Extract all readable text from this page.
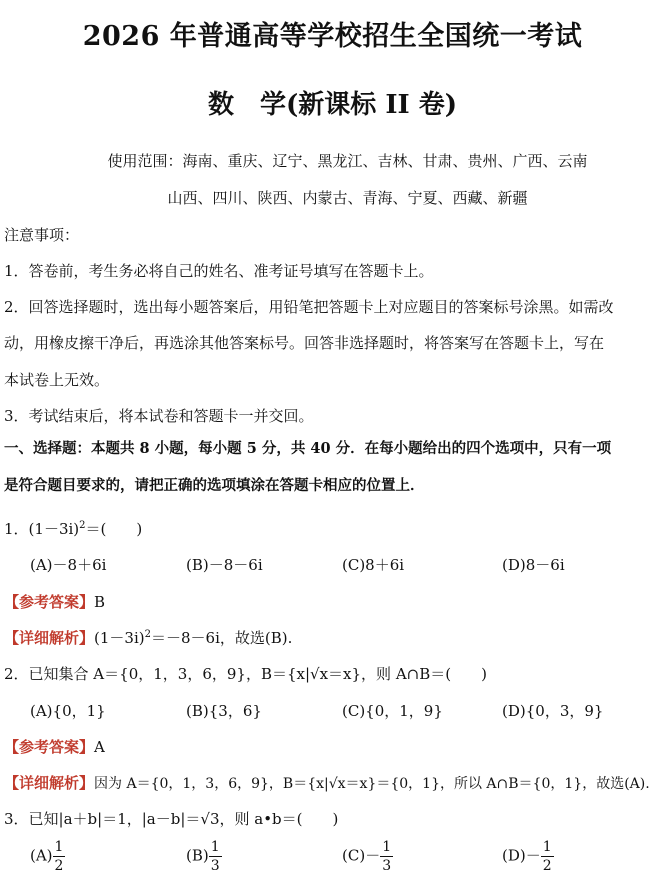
2026 年普通高等学校招生全国统一考试
数　学(新课标 II 卷)
使用范围：海南、重庆、辽宁、黑龙江、吉林、甘肃、贵州、广西、云南
山西、四川、陕西、内蒙古、青海、宁夏、西藏、新疆
注意事项：
1．答卷前，考生务必将自己的姓名、准考证号填写在答题卡上。
2．回答选择题时，选出每小题答案后，用铅笔把答题卡上对应题目的答案标号涂黑。如需改
动，用橡皮擦干净后，再选涂其他答案标号。回答非选择题时，将答案写在答题卡上，写在
本试卷上无效。
3．考试结束后，将本试卷和答题卡一并交回。
一、选择题：本题共 8 小题，每小题 5 分，共 40 分．在每小题给出的四个选项中，只有一项
是符合题目要求的，请把正确的选项填涂在答题卡相应的位置上．
1．$(1-3i)^2=$(　　)
(A)－8＋6i	(B)－8－6i	(C)8＋6i	(D)8－6i
【参考答案】B
【详细解析】$(1-3i)^2=-8-6i$，故选(B).
2．已知集合 A＝{0，1，3，6，9}，B＝{x|√x＝x}，则 A∩B＝(　　)
(A){0，1}	(B){3，6}	(C){0，1，9}	(D){0，3，9}
【参考答案】A
【详细解析】因为 A＝{0，1，3，6，9}，B＝{x|√x＝x}＝{0，1}，所以 A∩B＝{0，1}，故选(A).
3．已知|a＋b|＝1，|a－b|＝√3，则 a•b＝(　　)
$(A) \frac{1}{2}$	$(B) \frac{1}{3}$	$(C)- \frac{1}{3}$	$(D)- \frac{1}{2}$
